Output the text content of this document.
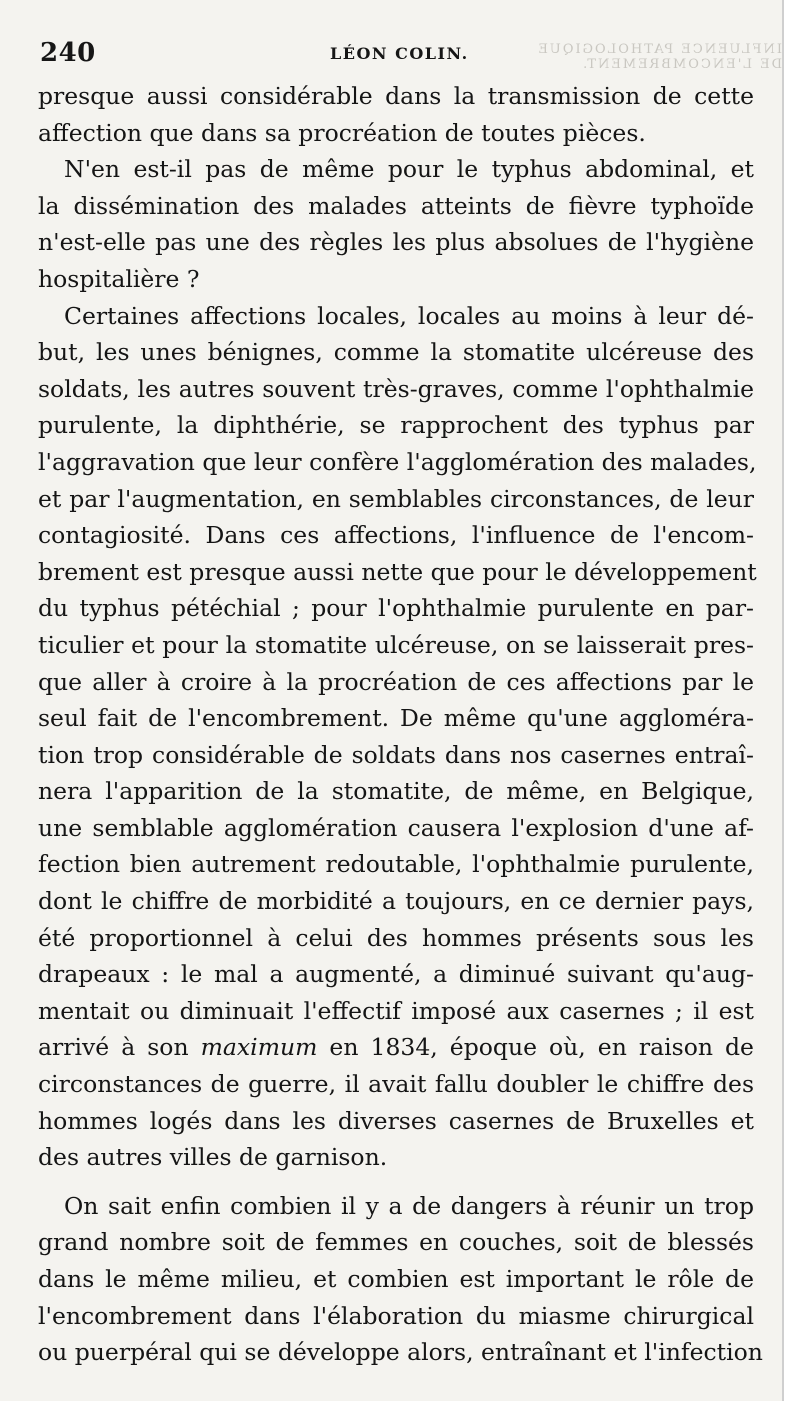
240	LÉON COLIN.	INFLUENCE PATHOLOGIQUE DE L'ENCOMBREMENT.
presque aussi considérable dans la transmission de cette
affection que dans sa procréation de toutes pièces.
N'en est-il pas de même pour le typhus abdominal, et
la dissémination des malades atteints de fièvre typhoïde
n'est-elle pas une des règles les plus absolues de l'hygiène
hospitalière ?
Certaines affections locales, locales au moins à leur dé-
but, les unes bénignes, comme la stomatite ulcéreuse des
soldats, les autres souvent très-graves, comme l'ophthalmie
purulente, la diphthérie, se rapprochent des typhus par
l'aggravation que leur confère l'agglomération des malades,
et par l'augmentation, en semblables circonstances, de leur
contagiosité. Dans ces affections, l'influence de l'encom-
brement est presque aussi nette que pour le développement
du typhus pétéchial ; pour l'ophthalmie purulente en par-
ticulier et pour la stomatite ulcéreuse, on se laisserait pres-
que aller à croire à la procréation de ces affections par le
seul fait de l'encombrement. De même qu'une aggloméra-
tion trop considérable de soldats dans nos casernes entraî-
nera l'apparition de la stomatite, de même, en Belgique,
une semblable agglomération causera l'explosion d'une af-
fection bien autrement redoutable, l'ophthalmie purulente,
dont le chiffre de morbidité a toujours, en ce dernier pays,
été proportionnel à celui des hommes présents sous les
drapeaux : le mal a augmenté, a diminué suivant qu'aug-
mentait ou diminuait l'effectif imposé aux casernes ; il est
arrivé à son maximum en 1834, époque où, en raison de
circonstances de guerre, il avait fallu doubler le chiffre des
hommes logés dans les diverses casernes de Bruxelles et
des autres villes de garnison.
On sait enfin combien il y a de dangers à réunir un trop
grand nombre soit de femmes en couches, soit de blessés
dans le même milieu, et combien est important le rôle de
l'encombrement dans l'élaboration du miasme chirurgical
ou puerpéral qui se développe alors, entraînant et l'infection
